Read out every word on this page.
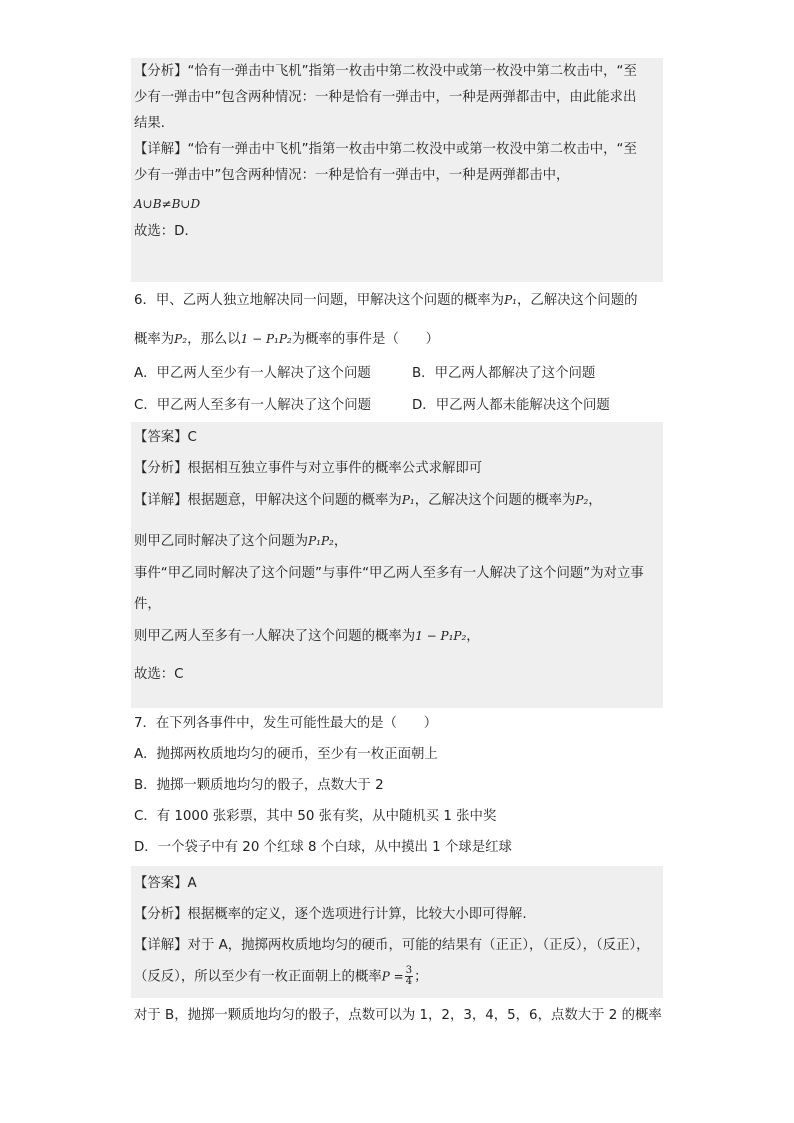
【分析】“恰有一弹击中飞机”指第一枚击中第二枚没中或第一枚没中第二枚击中，“至
少有一弹击中”包含两种情况：一种是恰有一弹击中，一种是两弹都击中，由此能求出
结果．
【详解】“恰有一弹击中飞机”指第一枚击中第二枚没中或第一枚没中第二枚击中，“至
少有一弹击中”包含两种情况：一种是恰有一弹击中，一种是两弹都击中，
A∪B≠B∪D
故选：D．
6．甲、乙两人独立地解决同一问题，甲解决这个问题的概率为P₁，乙解决这个问题的
概率为P₂，那么以1 − P₁P₂为概率的事件是（　　）
A．甲乙两人至少有一人解决了这个问题	B．甲乙两人都解决了这个问题
C．甲乙两人至多有一人解决了这个问题	D．甲乙两人都未能解决这个问题
【答案】C
【分析】根据相互独立事件与对立事件的概率公式求解即可
【详解】根据题意，甲解决这个问题的概率为P₁，乙解决这个问题的概率为P₂，
则甲乙同时解决了这个问题为P₁P₂，
事件“甲乙同时解决了这个问题”与事件“甲乙两人至多有一人解决了这个问题”为对立事
件，
则甲乙两人至多有一人解决了这个问题的概率为1 − P₁P₂，
故选：C
7．在下列各事件中，发生可能性最大的是（　　）
A．抛掷两枚质地均匀的硬币，至少有一枚正面朝上
B．抛掷一颗质地均匀的骰子，点数大于 2
C．有 1000 张彩票，其中 50 张有奖，从中随机买 1 张中奖
D．一个袋子中有 20 个红球 8 个白球，从中摸出 1 个球是红球
【答案】A
【分析】根据概率的定义，逐个选项进行计算，比较大小即可得解.
【详解】对于 A，抛掷两枚质地均匀的硬币，可能的结果有（正正），（正反），（反正），
（反反），所以至少有一枚正面朝上的概率$P = \frac{3}{4}$ ；
对于 B，抛掷一颗质地均匀的骰子，点数可以为 1，2，3，4，5，6，点数大于 2 的概率
